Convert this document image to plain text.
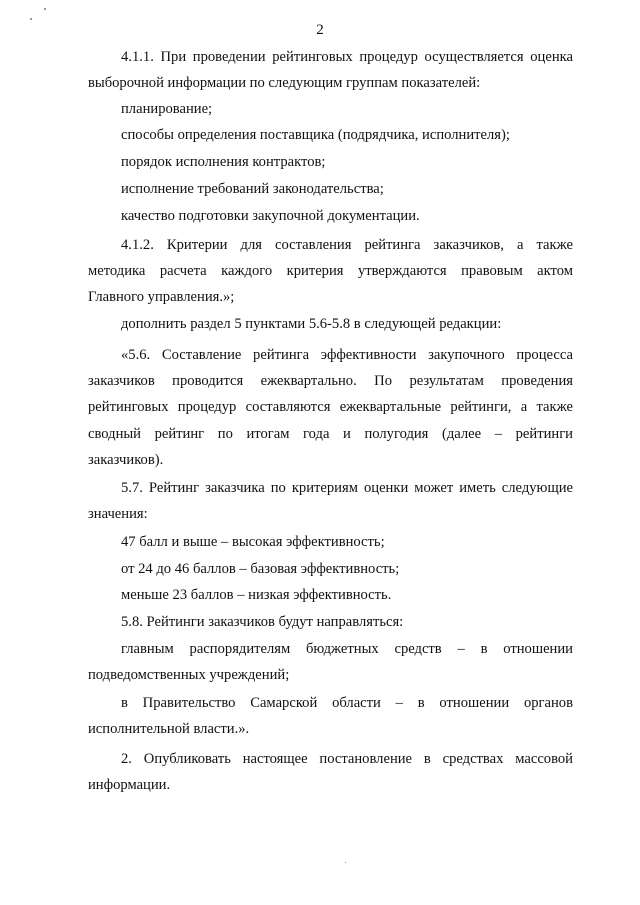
2
4.1.1. При проведении рейтинговых процедур осуществляется оценка
выборочной информации по следующим группам показателей:
планирование;
способы определения поставщика (подрядчика, исполнителя);
порядок исполнения контрактов;
исполнение требований законодательства;
качество подготовки закупочной документации.
4.1.2. Критерии для составления рейтинга заказчиков, а также
методика расчета каждого критерия утверждаются правовым актом
Главного управления.»;
дополнить раздел 5 пунктами 5.6-5.8 в следующей редакции:
«5.6. Составление рейтинга эффективности закупочного процесса
заказчиков проводится ежеквартально. По результатам проведения
рейтинговых процедур составляются ежеквартальные рейтинги, а также
сводный рейтинг по итогам года и полугодия (далее – рейтинги
заказчиков).
5.7. Рейтинг заказчика по критериям оценки может иметь следующие
значения:
47 балл и выше – высокая эффективность;
от 24 до 46 баллов – базовая эффективность;
меньше 23 баллов – низкая эффективность.
5.8. Рейтинги заказчиков будут направляться:
главным распорядителям бюджетных средств – в отношении
подведомственных учреждений;
в Правительство Самарской области – в отношении органов
исполнительной власти.».
2. Опубликовать настоящее постановление в средствах массовой
информации.
